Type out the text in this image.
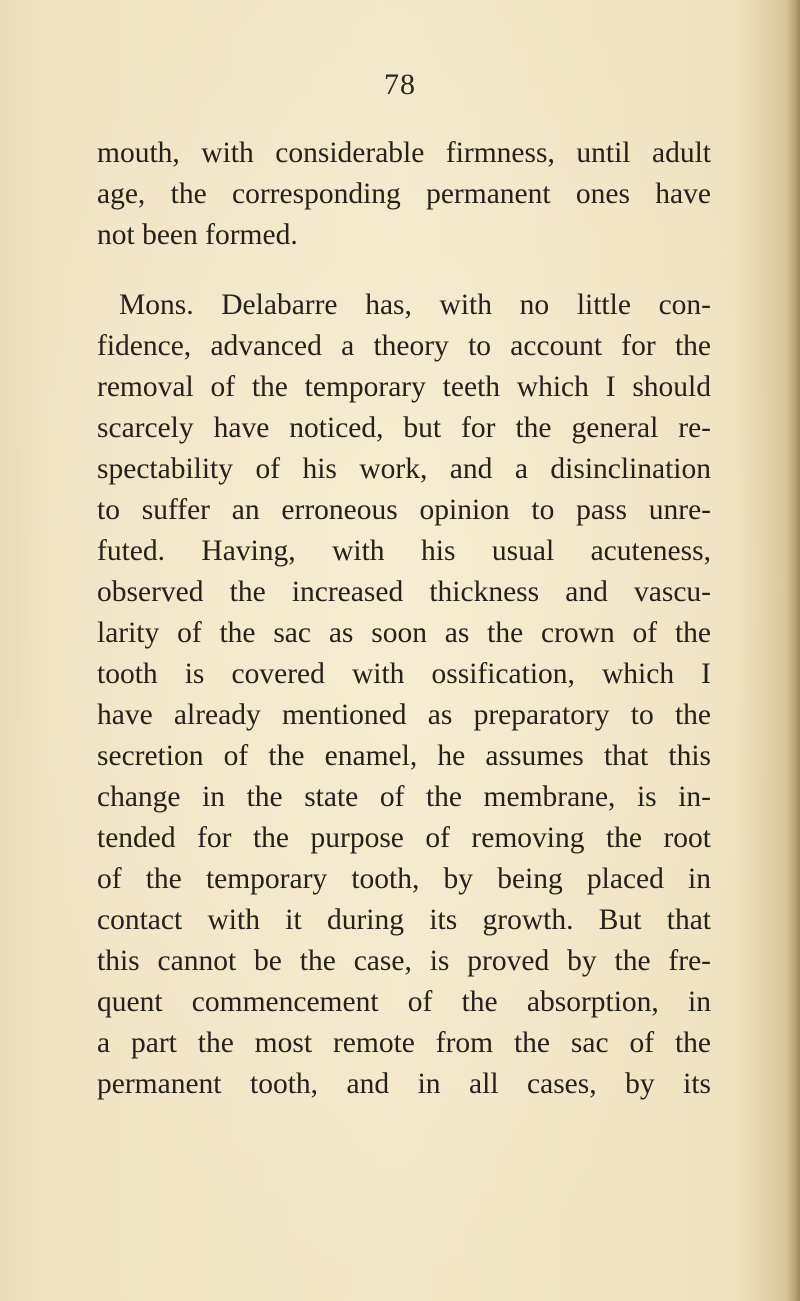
78
mouth, with considerable firmness, until adult
age, the corresponding permanent ones have
not been formed.
Mons. Delabarre has, with no little con-
fidence, advanced a theory to account for the
removal of the temporary teeth which I should
scarcely have noticed, but for the general re-
spectability of his work, and a disinclination
to suffer an erroneous opinion to pass unre-
futed. Having, with his usual acuteness,
observed the increased thickness and vascu-
larity of the sac as soon as the crown of the
tooth is covered with ossification, which I
have already mentioned as preparatory to the
secretion of the enamel, he assumes that this
change in the state of the membrane, is in-
tended for the purpose of removing the root
of the temporary tooth, by being placed in
contact with it during its growth. But that
this cannot be the case, is proved by the fre-
quent commencement of the absorption, in
a part the most remote from the sac of the
permanent tooth, and in all cases, by its
